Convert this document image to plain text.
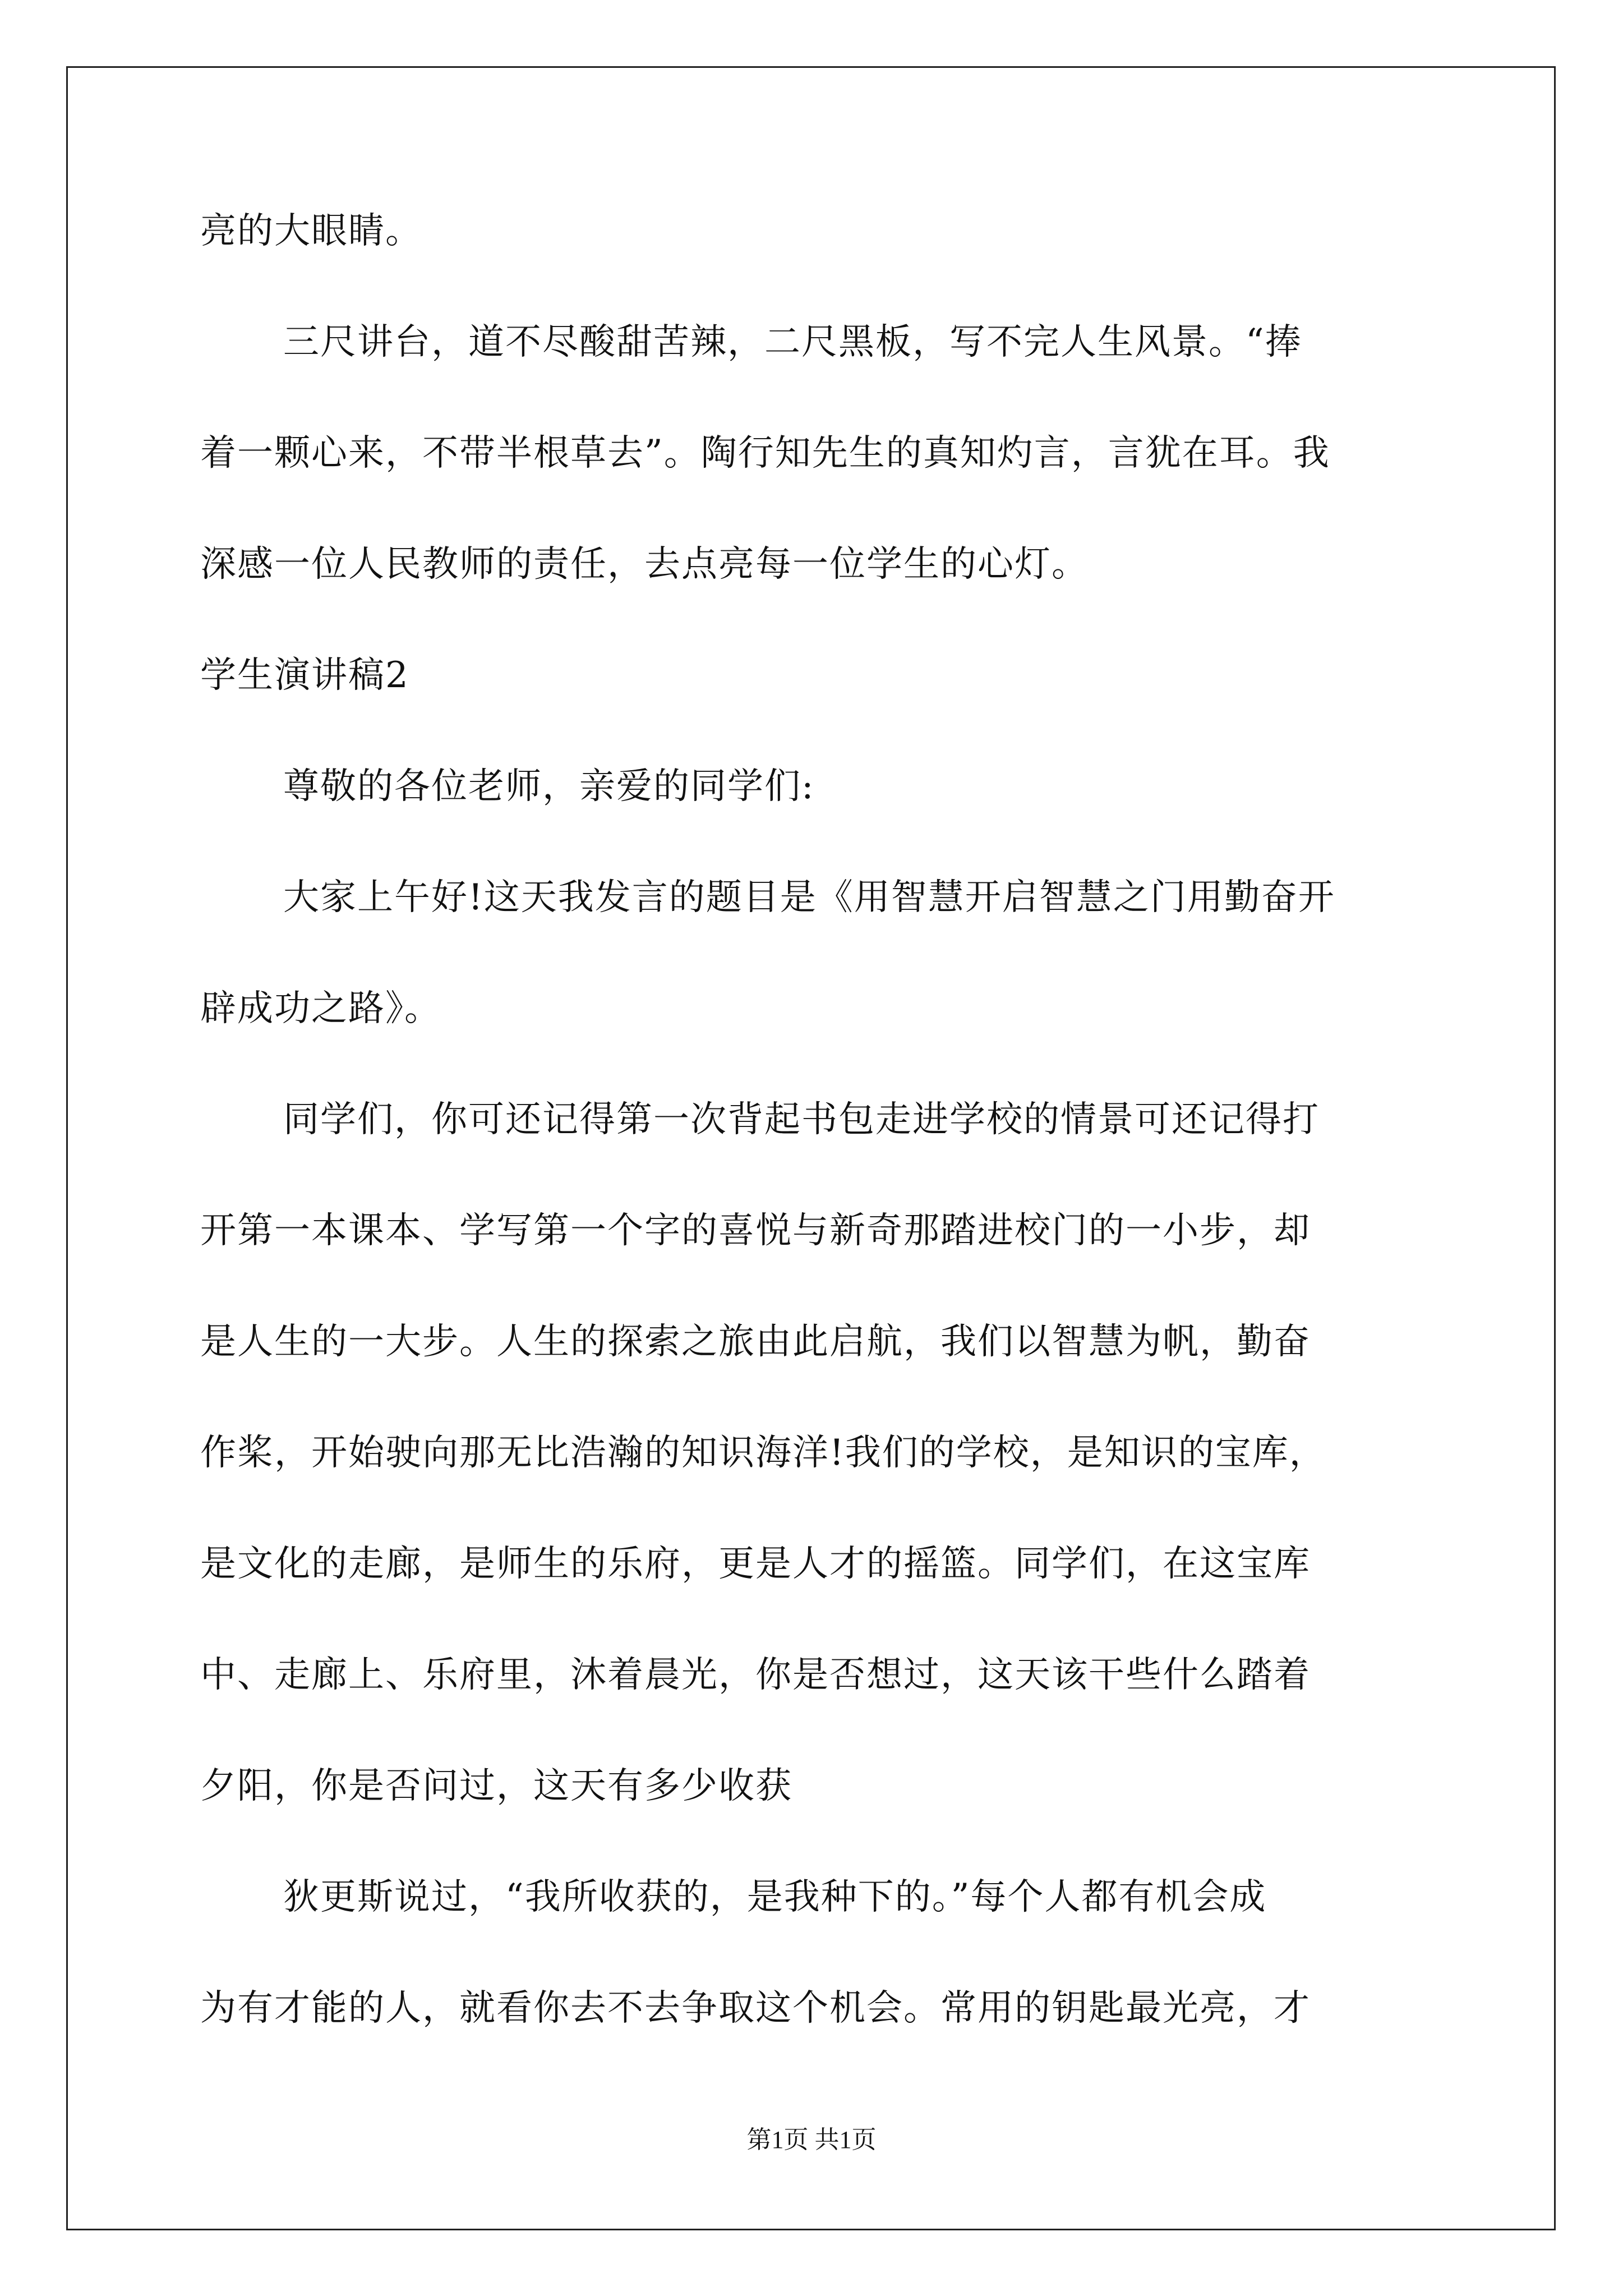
亮的大眼睛。
三尺讲台，道不尽酸甜苦辣，二尺黑板，写不完人生风景。“捧
着一颗心来，不带半根草去”。陶行知先生的真知灼言，言犹在耳。我
深感一位人民教师的责任，去点亮每一位学生的心灯。
学生演讲稿2
尊敬的各位老师，亲爱的同学们:
大家上午好!这天我发言的题目是《用智慧开启智慧之门用勤奋开
辟成功之路》。
同学们，你可还记得第一次背起书包走进学校的情景可还记得打
开第一本课本、学写第一个字的喜悦与新奇那踏进校门的一小步，却
是人生的一大步。人生的探索之旅由此启航，我们以智慧为帆，勤奋
作桨，开始驶向那无比浩瀚的知识海洋!我们的学校，是知识的宝库，
是文化的走廊，是师生的乐府，更是人才的摇篮。同学们，在这宝库
中、走廊上、乐府里，沐着晨光，你是否想过，这天该干些什么踏着
夕阳，你是否问过，这天有多少收获
狄更斯说过，“我所收获的，是我种下的。”每个人都有机会成
为有才能的人，就看你去不去争取这个机会。常用的钥匙最光亮，才
第1页 共1页
